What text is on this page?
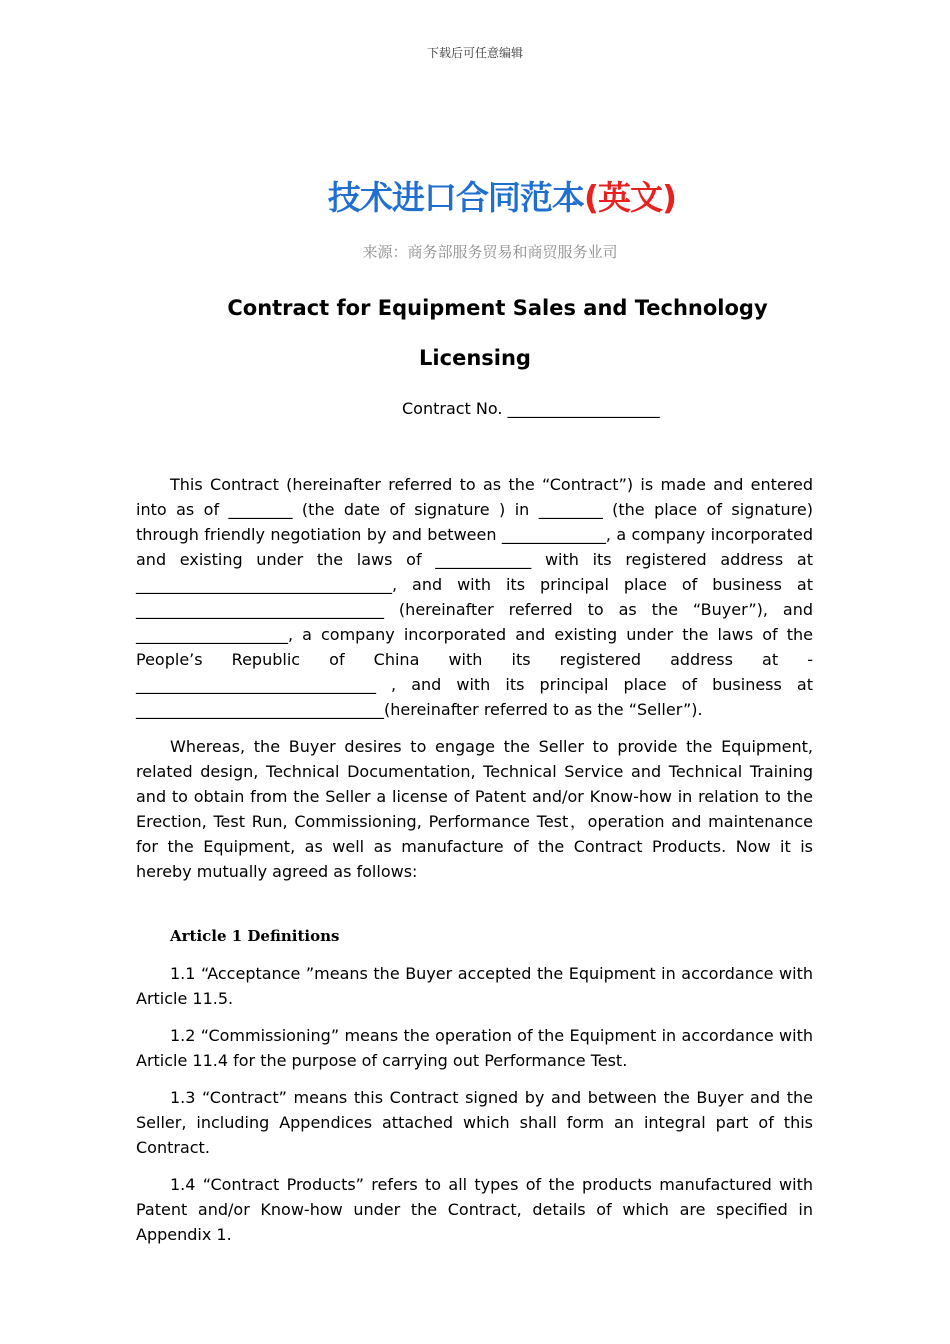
下载后可任意编辑
技术进口合同范本(英文)
来源：商务部服务贸易和商贸服务业司
Contract for Equipment Sales and Technology
Licensing
Contract No. ___________________

This Contract (hereinafter referred to as the “Contract”) is made and entered into as of ________ (the date of signature ) in ________ (the place of signature) through friendly negotiation by and between _____________, a company incorporated and existing under the laws of ____________ with its registered address at ________________________________, and with its principal place of business at _______________________________ (hereinafter referred to as the “Buyer”), and ___________________, a company incorporated and existing under the laws of the People’s Republic of China with its registered address at -______________________________ , and with its principal place of business at _______________________________(hereinafter referred to as the “Seller”).

Whereas, the Buyer desires to engage the Seller to provide the Equipment, related design, Technical Documentation, Technical Service and Technical Training and to obtain from the Seller a license of Patent and/or Know-how in relation to the Erection, Test Run, Commissioning, Performance Test，operation and maintenance for the Equipment, as well as manufacture of the Contract Products. Now it is hereby mutually agreed as follows:

Article 1 Definitions

1.1 “Acceptance ”means the Buyer accepted the Equipment in accordance with Article 11.5.

1.2 “Commissioning” means the operation of the Equipment in accordance with Article 11.4 for the purpose of carrying out Performance Test.

1.3 “Contract” means this Contract signed by and between the Buyer and the Seller, including Appendices attached which shall form an integral part of this Contract.

1.4 “Contract Products” refers to all types of the products manufactured with Patent and/or Know-how under the Contract, details of which are specified in Appendix 1.
